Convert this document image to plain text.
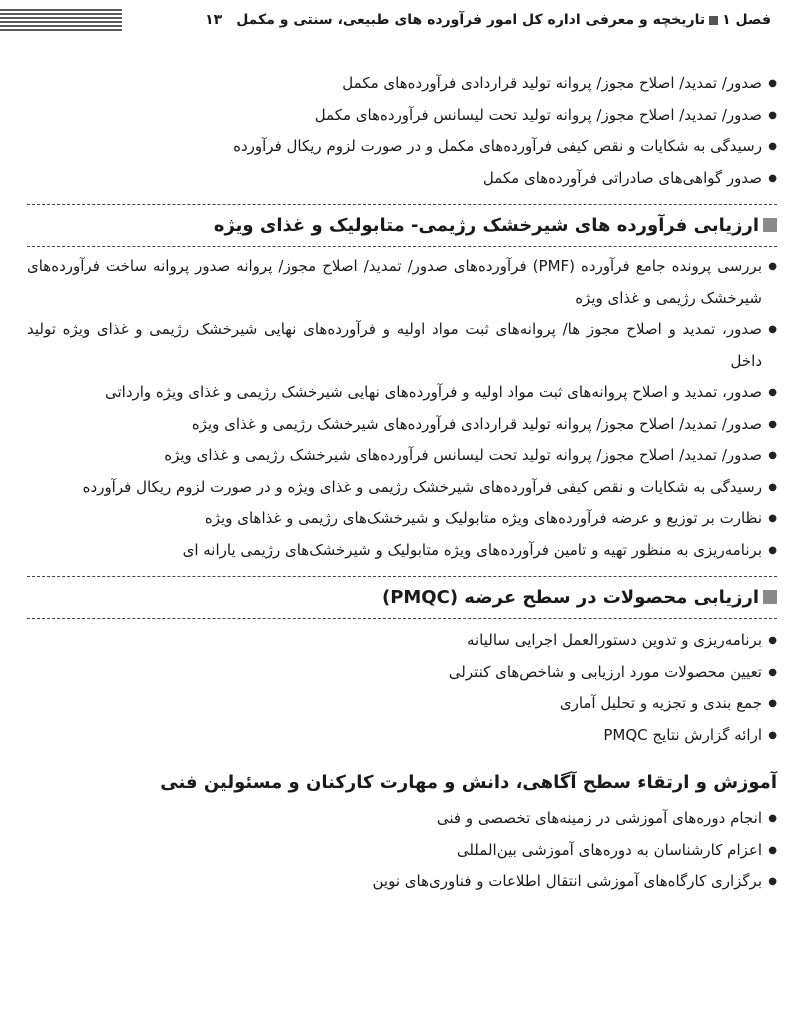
فصل ۱تاریخچه و معرفی اداره کل امور فرآورده های طبیعی، سنتی و مکمل۱۳
● صدور/ تمدید/ اصلاح مجوز/ پروانه تولید قراردادی فرآورده‌های مکمل
● صدور/ تمدید/ اصلاح مجوز/ پروانه تولید تحت لیسانس فرآورده‌های مکمل
● رسیدگی به شکایات و نقص کیفی فرآورده‌های مکمل و در صورت لزوم ریکال فرآورده
● صدور گواهی‌های صادراتی فرآورده‌های مکمل
ارزیابی فرآورده های شیرخشک رژیمی- متابولیک و غذای ویژه
● بررسی پرونده جامع فرآورده (PMF) فرآورده‌های صدور/ تمدید/ اصلاح مجوز/ پروانه صدور پروانه ساخت فرآورده‌های شیرخشک رژیمی و غذای ویژه
● صدور، تمدید و اصلاح مجوز ها/ پروانه‌های ثبت مواد اولیه و فرآورده‌های نهایی شیرخشک رژیمی و غذای ویژه تولید داخل
● صدور، تمدید و اصلاح پروانه‌های ثبت مواد اولیه و فرآورده‌های نهایی شیرخشک رژیمی و غذای ویژه وارداتی
● صدور/ تمدید/ اصلاح مجوز/ پروانه تولید قراردادی فرآورده‌های شیرخشک رژیمی و غذای ویژه
● صدور/ تمدید/ اصلاح مجوز/ پروانه تولید تحت لیسانس فرآورده‌های شیرخشک رژیمی و غذای ویژه
● رسیدگی به شکایات و نقص کیفی فرآورده‌های شیرخشک رژیمی و غذای ویژه و در صورت لزوم ریکال فرآورده
● نظارت بر توزیع و عرضه فرآورده‌های ویژه متابولیک و شیرخشک‌های رژیمی و غذاهای ویژه
● برنامه‌ریزی به منظور تهیه و تامین فرآورده‌های ویژه متابولیک و شیرخشک‌های رژیمی یارانه ای
ارزیابی محصولات در سطح عرضه (PMQC)
● برنامه‌ریزی و تدوین دستورالعمل اجرایی سالیانه
● تعیین محصولات مورد ارزیابی و شاخص‌های کنترلی
● جمع بندی و تجزیه و تحلیل آماری
● ارائه گزارش نتایج PMQC
آموزش و ارتقاء سطح آگاهی، دانش و مهارت کارکنان و مسئولین فنی
● انجام دوره‌های آموزشی در زمینه‌های تخصصی و فنی
● اعزام کارشناسان به دوره‌های آموزشی بین‌المللی
● برگزاری کارگاه‌های آموزشی انتقال اطلاعات و فناوری‌های نوین
